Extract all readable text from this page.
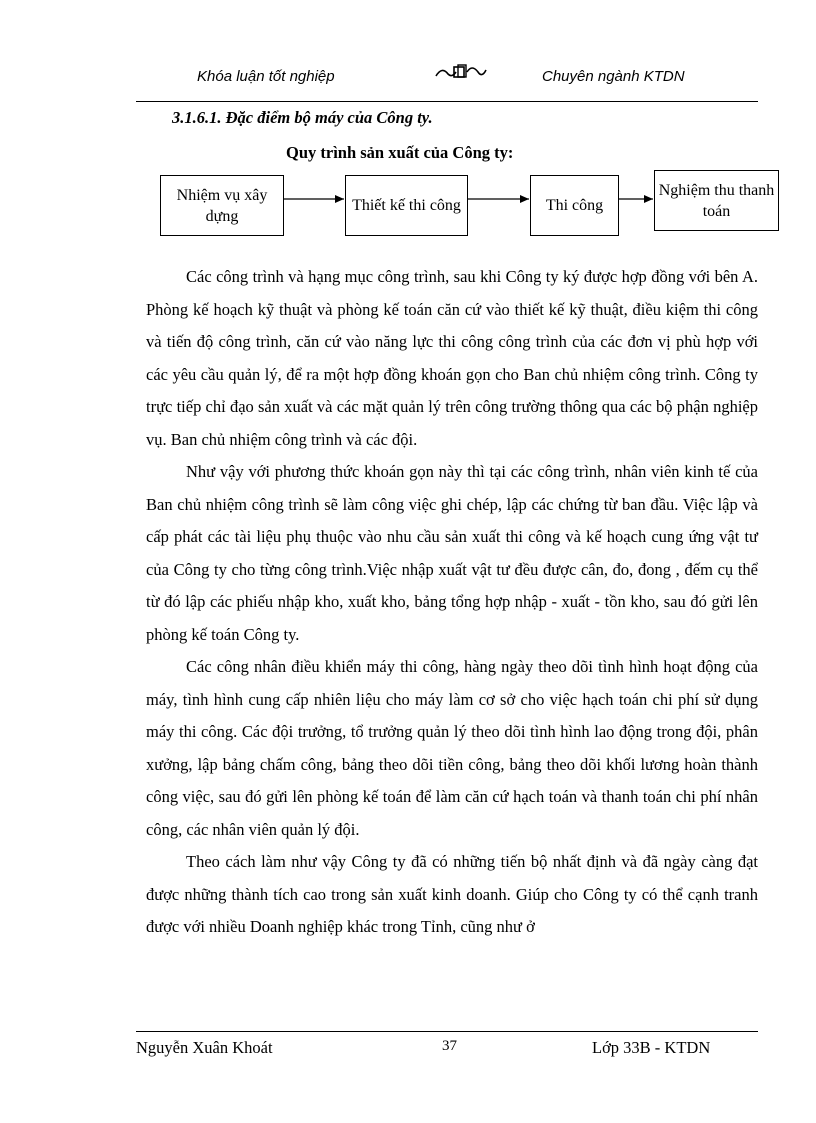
Khóa luận tốt nghiệp	Chuyên ngành KTDN
3.1.6.1. Đặc điểm bộ máy của Công ty.
Quy trình sản xuất của Công ty:
Nhiệm vụ xây dựng
Thiết kế thi công	Thi công
Nghiệm thu thanh toán

Các công trình và hạng mục công trình, sau khi Công ty ký được hợp đồng với bên A. Phòng kế hoạch kỹ thuật và phòng kế toán căn cứ vào thiết kế kỹ thuật, điều kiệm thi công và tiến độ công trình, căn cứ vào năng lực thi công công trình của các đơn vị phù hợp với các yêu cầu quản lý, để ra một hợp đồng khoán gọn cho Ban chủ nhiệm công trình. Công ty trực tiếp chỉ đạo sản xuất và các mặt quản lý trên công trường thông qua các bộ phận nghiệp vụ. Ban chủ nhiệm công trình và các đội.

Như vậy với phương thức khoán gọn này thì tại các công trình, nhân viên kinh tế của Ban chủ nhiệm công trình sẽ làm công việc ghi chép, lập các chứng từ ban đầu. Việc lập và cấp phát các tài liệu phụ thuộc vào nhu cầu sản xuất thi công và kế hoạch cung ứng vật tư của Công ty cho từng công trình.Việc nhập xuất vật tư đều được cân, đo, đong , đếm cụ thể từ đó lập các phiếu nhập kho, xuất kho, bảng tổng hợp nhập - xuất - tồn kho, sau đó gửi lên phòng kế toán Công ty.

Các công nhân điều khiển máy thi công, hàng ngày theo dõi tình hình hoạt động của máy, tình hình cung cấp nhiên liệu cho máy làm cơ sở cho việc hạch toán chi phí sử dụng máy thi công. Các đội trưởng, tổ trưởng quản lý theo dõi tình hình lao động trong đội, phân xưởng, lập bảng chấm công, bảng theo dõi tiền công, bảng theo dõi khối lương hoàn thành công việc, sau đó gửi lên phòng kế toán để làm căn cứ hạch toán và thanh toán chi phí nhân công, các nhân viên quản lý đội.

Theo cách làm như vậy Công ty đã có những tiến bộ nhất định và đã ngày càng đạt được những thành tích cao trong sản xuất kinh doanh. Giúp cho Công ty có thể cạnh tranh được với nhiều Doanh nghiệp khác trong Tỉnh, cũng như ở

Nguyễn Xuân Khoát	37	Lớp 33B - KTDN
